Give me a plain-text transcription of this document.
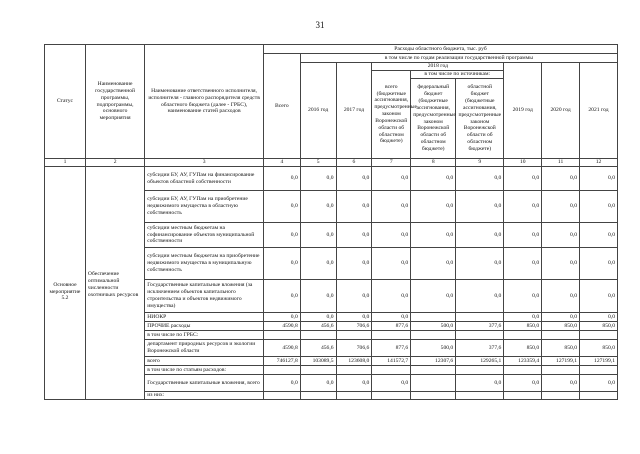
31
Статус	Наименование государственной программы, подпрограммы, основного мероприятия	Наименование ответственного исполнителя, исполнителя - главного распорядителя средств областного бюджета (далее - ГРБС), наименование статей расходов	Расходы областного бюджета, тыс. руб								
			Всего	в том числе по годам реализации государственной программы							
				2016 год	2017 год	2018 год			2019 год	2020 год	2021 год
						всего (бюджетные ассигнования, предусмотренные законом Воронежской области об областном бюджете)	в том числе по источникам:				
							федеральный бюджет (бюджетные ассигнования, предусмотренные законом Воронежской области об областном бюджете)	областной бюджет (бюджетные ассигнования, предусмотренные законом Воронежской области об областном бюджете)			
1	2	3	4	5	6	7	8	9	10	11	12
Основное мероприятие 5.2	Обеспечение оптимальной численности охотничьих ресурсов	субсидии БУ, АУ, ГУПам на финансирование объектов областной собственности	0,0	0,0	0,0	0,0	0,0	0,0	0,0	0,0	0,0
		субсидии БУ, АУ, ГУПам на приобретение недвижимого имущества в областную собственность	0,0	0,0	0,0	0,0	0,0	0,0	0,0	0,0	0,0
		субсидии местным бюджетам на софинансирование объектов муниципальной собственности	0,0	0,0	0,0	0,0	0,0	0,0	0,0	0,0	0,0
		субсидии местным бюджетам на приобретение недвижимого имущества в муниципальную собственность	0,0	0,0	0,0	0,0	0,0	0,0	0,0	0,0	0,0
		Государственные капитальные вложения (за исключением объектов капитального строительства и объектов недвижимого имущества)	0,0	0,0	0,0	0,0	0,0	0,0	0,0	0,0	0,0
		НИОКР	0,0	0,0	0,0	0,0			0,0	0,0	0,0
		ПРОЧИЕ расходы	4590,8	456,6	706,6	877,6	500,0	377,6	850,0	850,0	850,0
		в том числе по ГРБС:									
		департамент природных ресурсов и экологии Воронежской области	4590,8	456,6	706,6	877,6	500,0	377,6	850,0	850,0	850,0
		всего	746127,8	103089,5	123608,0	141572,7	12307,6	129265,1	123359,4	127199,1	127199,1
		в том числе по статьям расходов:									
		Государственные капитальные вложения, всего	0,0	0,0	0,0	0,0		0,0	0,0	0,0	0,0
		из них:									
